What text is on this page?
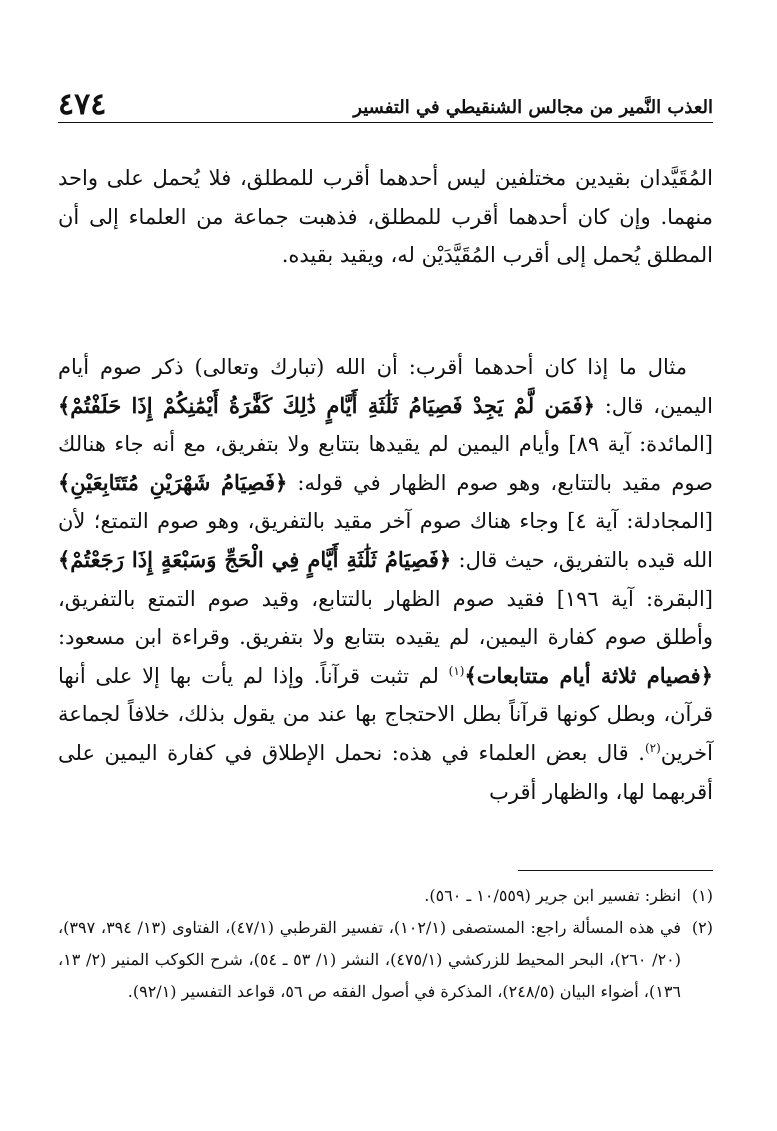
العذب النَّمير من مجالس الشنقيطي في التفسير
٤٧٤

المُقَيَّدان بقيدين مختلفين ليس أحدهما أقرب للمطلق، فلا يُحمل على واحد منهما. وإن كان أحدهما أقرب للمطلق، فذهبت جماعة من العلماء إلى أن المطلق يُحمل إلى أقرب المُقَيَّدَيْن له، ويقيد بقيده.

مثال ما إذا كان أحدهما أقرب: أن الله (تبارك وتعالى) ذكر صوم أيام اليمين، قال: ﴿فَمَن لَّمْ يَجِدْ فَصِيَامُ ثَلَٰثَةِ أَيَّامٍ ذَٰلِكَ كَفَّٰرَةُ أَيْمَٰنِكُمْ إِذَا حَلَفْتُمْ﴾ [المائدة: آية ٨٩] وأيام اليمين لم يقيدها بتتابع ولا بتفريق، مع أنه جاء هنالك صوم مقيد بالتتابع، وهو صوم الظهار في قوله: ﴿فَصِيَامُ شَهْرَيْنِ مُتَتَابِعَيْنِ﴾ [المجادلة: آية ٤] وجاء هناك صوم آخر مقيد بالتفريق، وهو صوم التمتع؛ لأن الله قيده بالتفريق، حيث قال: ﴿فَصِيَامُ ثَلَٰثَةِ أَيَّامٍ فِي الْحَجِّ وَسَبْعَةٍ إِذَا رَجَعْتُمْ﴾ [البقرة: آية ١٩٦] فقيد صوم الظهار بالتتابع، وقيد صوم التمتع بالتفريق، وأطلق صوم كفارة اليمين، لم يقيده بتتابع ولا بتفريق. وقراءة ابن مسعود: ﴿فصيام ثلاثة أيام متتابعات﴾$^{(١)}$ لم تثبت قرآناً. وإذا لم يأت بها إلا على أنها قرآن، وبطل كونها قرآناً بطل الاحتجاج بها عند من يقول بذلك، خلافاً لجماعة آخرين$^{(٢)}$. قال بعض العلماء في هذه: نحمل الإطلاق في كفارة اليمين على أقربهما لها، والظهار أقرب

(١)
انظر: تفسير ابن جرير (١٠/٥٥٩ ـ ٥٦٠).
(٢)
في هذه المسألة راجع: المستصفى (١٠٢/١)، تفسير القرطبي (٤٧/١)، الفتاوى (١٣/ ٣٩٤، ٣٩٧)، (٢٠/ ٢٦٠)، البحر المحيط للزركشي (٤٧٥/١)، النشر (١/ ٥٣ ـ ٥٤)، شرح الكوكب المنير (٢/ ١٣، ١٣٦)، أضواء البيان (٢٤٨/٥)، المذكرة في أصول الفقه ص ٥٦، قواعد التفسير (٩٢/١).
